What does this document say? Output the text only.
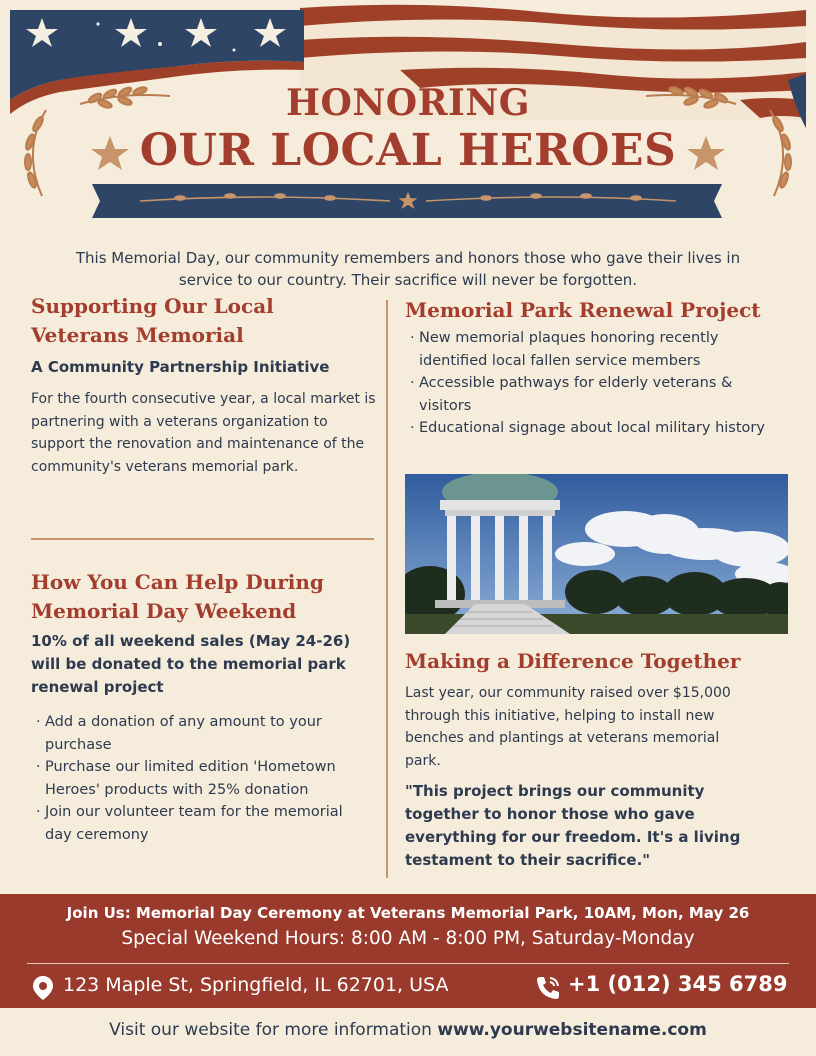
HONORING
OUR LOCAL HEROES

This Memorial Day, our community remembers and honors those who gave their lives in service to our country. Their sacrifice will never be forgotten.

Supporting Our Local
Veterans Memorial

A Community Partnership Initiative

For the fourth consecutive year, a local market is partnering with a veterans organization to support the renovation and maintenance of the community's veterans memorial park.

How You Can Help During
Memorial Day Weekend

10% of all weekend sales (May 24-26) will be donated to the memorial park renewal project

· Add a donation of any amount to your purchase
· Purchase our limited edition 'Hometown Heroes' products with 25% donation
· Join our volunteer team for the memorial day ceremony
Memorial Park Renewal Project
· New memorial plaques honoring recently identified local fallen service members
· Accessible pathways for elderly veterans & visitors
· Educational signage about local military history
Making a Difference Together

Last year, our community raised over $15,000 through this initiative, helping to install new benches and plantings at veterans memorial park.

"This project brings our community together to honor those who gave everything for our freedom. It's a living testament to their sacrifice."

Join Us: Memorial Day Ceremony at Veterans Memorial Park, 10AM, Mon, May 26
Special Weekend Hours: 8:00 AM - 8:00 PM, Saturday-Monday
123 Maple St, Springfield, IL 62701, USA	+1 (012) 345 6789
Visit our website for more information www.yourwebsitename.com
